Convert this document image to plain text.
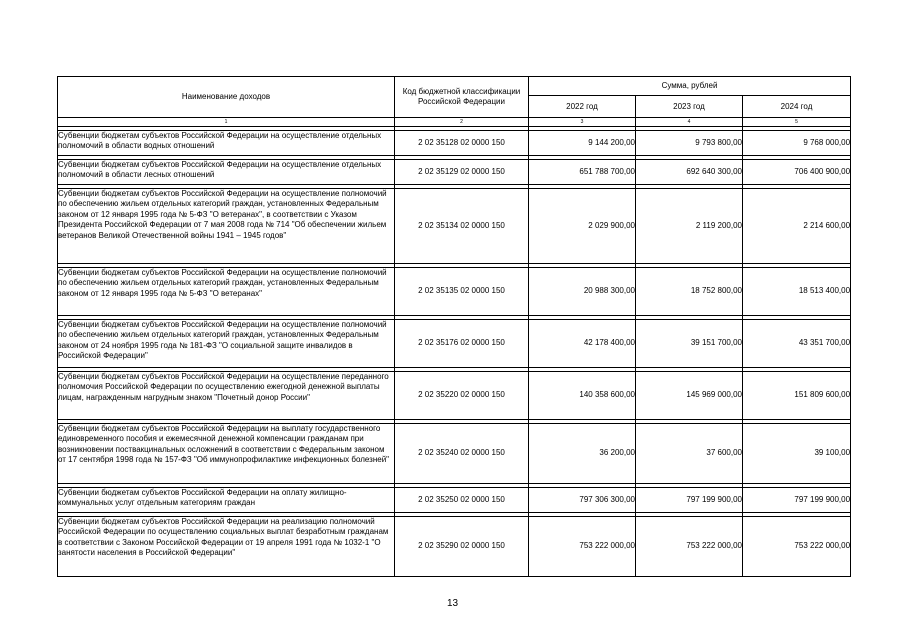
Наименование доходов	Код бюджетной классификации Российской Федерации	Сумма, рублей		
		2022 год	2023 год	2024 год
1	2	3	4	5

Субвенции бюджетам субъектов Российской Федерации на осуществление отдельных полномочий в области водных отношений	2 02 35128 02 0000 150	9 144 200,00	9 793 800,00	9 768 000,00

Субвенции бюджетам субъектов Российской Федерации на осуществление отдельных полномочий в области лесных отношений	2 02 35129 02 0000 150	651 788 700,00	692 640 300,00	706 400 900,00

Субвенции бюджетам субъектов Российской Федерации на осуществление полномочий по обеспечению жильем отдельных категорий граждан, установленных Федеральным законом от 12 января 1995 года № 5-ФЗ "О ветеранах", в соответствии с Указом Президента Российской Федерации от 7 мая 2008 года № 714 "Об обеспечении жильем ветеранов Великой Отечественной войны 1941 – 1945 годов"	2 02 35134 02 0000 150	2 029 900,00	2 119 200,00	2 214 600,00

Субвенции бюджетам субъектов Российской Федерации на осуществление полномочий по обеспечению жильем отдельных категорий граждан, установленных Федеральным законом от 12 января 1995 года № 5-ФЗ "О ветеранах"	2 02 35135 02 0000 150	20 988 300,00	18 752 800,00	18 513 400,00

Субвенции бюджетам субъектов Российской Федерации на осуществление полномочий по обеспечению жильем отдельных категорий граждан, установленных Федеральным законом от 24 ноября 1995 года № 181-ФЗ "О социальной защите инвалидов в Российской Федерации"	2 02 35176 02 0000 150	42 178 400,00	39 151 700,00	43 351 700,00

Субвенции бюджетам субъектов Российской Федерации на осуществление переданного полномочия Российской Федерации по осуществлению ежегодной денежной выплаты лицам, награжденным нагрудным знаком "Почетный донор России"	2 02 35220 02 0000 150	140 358 600,00	145 969 000,00	151 809 600,00

Субвенции бюджетам субъектов Российской Федерации на выплату государственного единовременного пособия и ежемесячной денежной компенсации гражданам при возникновении поствакцинальных осложнений в соответствии с Федеральным законом от 17 сентября 1998 года № 157-ФЗ "Об иммунопрофилактике инфекционных болезней"	2 02 35240 02 0000 150	36 200,00	37 600,00	39 100,00

Субвенции бюджетам субъектов Российской Федерации на оплату жилищно-коммунальных услуг отдельным категориям граждан	2 02 35250 02 0000 150	797 306 300,00	797 199 900,00	797 199 900,00

Субвенции бюджетам субъектов Российской Федерации на реализацию полномочий Российской Федерации по осуществлению социальных выплат безработным гражданам в соответствии с Законом Российской Федерации от 19 апреля 1991 года № 1032-1 "О занятости населения в Российской Федерации"	2 02 35290 02 0000 150	753 222 000,00	753 222 000,00	753 222 000,00
13
